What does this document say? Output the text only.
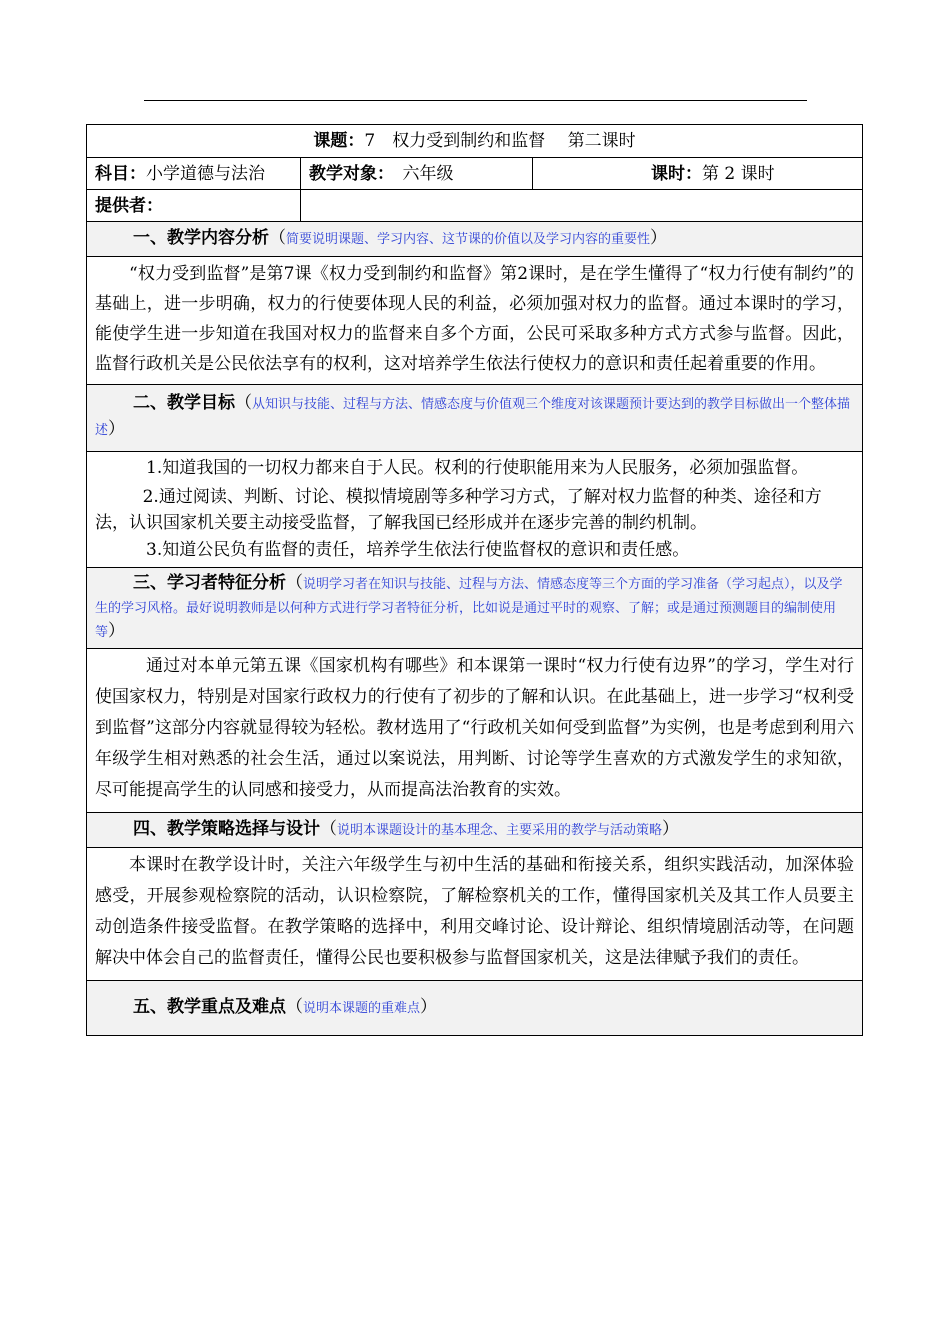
课题：7　权力受到制约和监督　 第二课时		
科目：小学道德与法治	教学对象：　六年级	课时：第 2 课时
提供者：		
一、教学内容分析（简要说明课题、学习内容、这节课的价值以及学习内容的重要性）		

“权力受到监督”是第7课《权力受到制约和监督》第2课时，是在学生懂得了“权力行使有制约”的基础上，进一步明确，权力的行使要体现人民的利益，必须加强对权力的监督。通过本课时的学习，能使学生进一步知道在我国对权力的监督来自多个方面，公民可采取多种方式方式参与监督。因此，监督行政机关是公民依法享有的权利，这对培养学生依法行使权力的意识和责任起着重要的作用。		

二、教学目标（从知识与技能、过程与方法、情感态度与价值观三个维度对该课题预计要达到的教学目标做出一个整体描述）		

1.知道我国的一切权力都来自于人民。权利的行使职能用来为人民服务，必须加强监督。
2.通过阅读、判断、讨论、模拟情境剧等多种学习方式，了解对权力监督的种类、途径和方法，认识国家机关要主动接受监督，了解我国已经形成并在逐步完善的制约机制。
3.知道公民负有监督的责任，培养学生依法行使监督权的意识和责任感。		

三、学习者特征分析（说明学习者在知识与技能、过程与方法、情感态度等三个方面的学习准备（学习起点），以及学生的学习风格。最好说明教师是以何种方式进行学习者特征分析，比如说是通过平时的观察、了解；或是通过预测题目的编制使用等）		

通过对本单元第五课《国家机构有哪些》和本课第一课时“权力行使有边界”的学习，学生对行使国家权力，特别是对国家行政权力的行使有了初步的了解和认识。在此基础上，进一步学习“权利受到监督”这部分内容就显得较为轻松。教材选用了“行政机关如何受到监督”为实例，也是考虑到利用六年级学生相对熟悉的社会生活，通过以案说法，用判断、讨论等学生喜欢的方式激发学生的求知欲，尽可能提高学生的认同感和接受力，从而提高法治教育的实效。		

四、教学策略选择与设计（说明本课题设计的基本理念、主要采用的教学与活动策略）		

本课时在教学设计时，关注六年级学生与初中生活的基础和衔接关系，组织实践活动，加深体验感受，开展参观检察院的活动，认识检察院，了解检察机关的工作，懂得国家机关及其工作人员要主动创造条件接受监督。在教学策略的选择中，利用交峰讨论、设计辩论、组织情境剧活动等，在问题解决中体会自己的监督责任，懂得公民也要积极参与监督国家机关，这是法律赋予我们的责任。		

五、教学重点及难点（说明本课题的重难点）		
